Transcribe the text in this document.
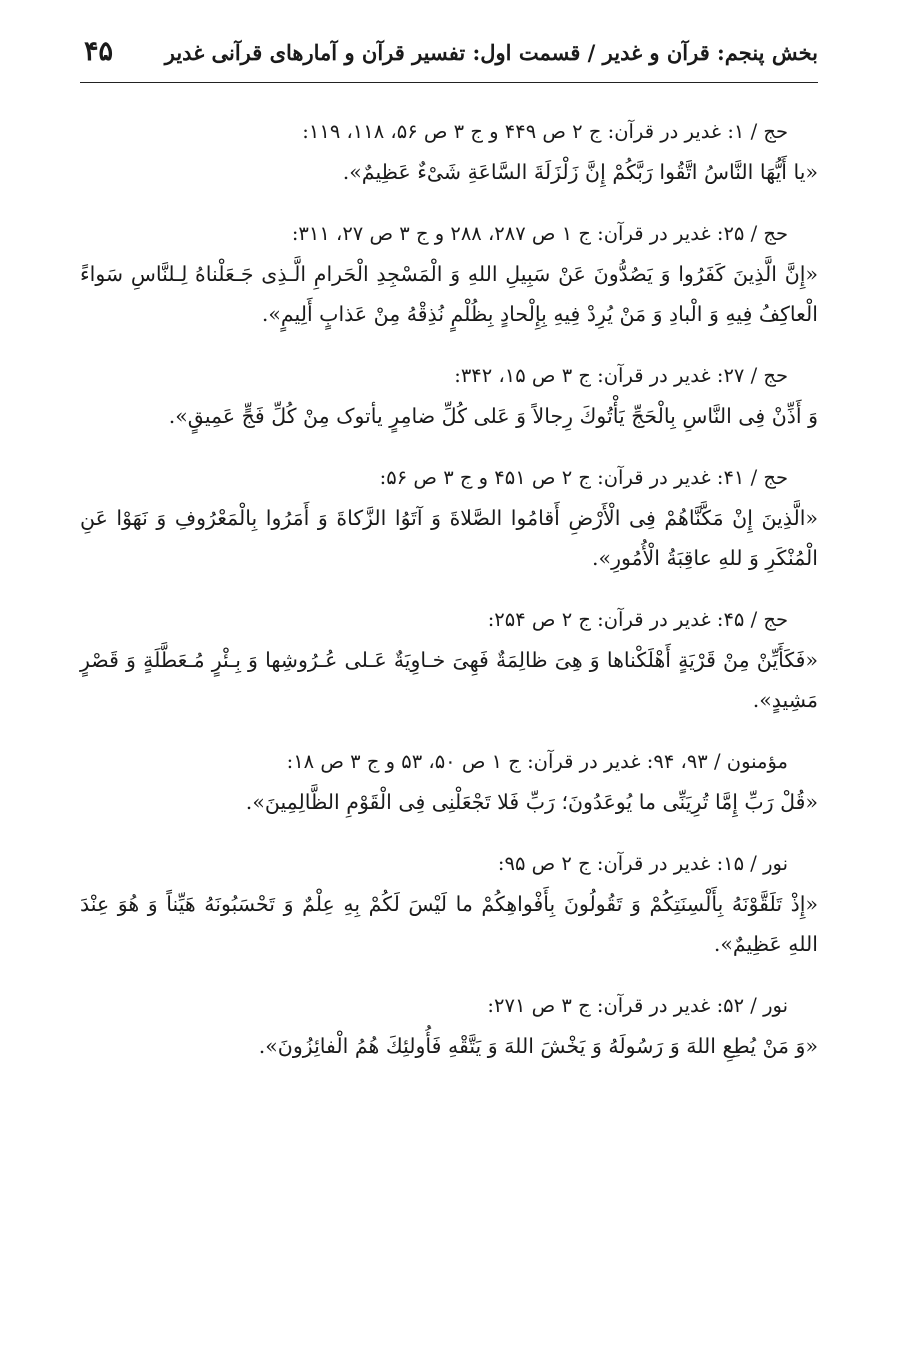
بخش پنجم: قرآن و غدیر / قسمت اول: تفسیر قرآن و آمارهای قرآنی غدیر
۴۵
حج / ۱: غدیر در قرآن: ج ۲ ص ۴۴۹ و ج ۳ ص ۵۶، ۱۱۸، ۱۱۹:
«یا أَیُّهَا النَّاسُ اتَّقُوا رَبَّكُمْ إِنَّ زَلْزَلَةَ السَّاعَةِ شَیْءٌ عَظِیمٌ».
حج / ۲۵: غدیر در قرآن: ج ۱ ص ۲۸۷، ۲۸۸ و ج ۳ ص ۲۷، ۳۱۱:
«إِنَّ الَّذِینَ كَفَرُوا وَ یَصُدُّونَ عَنْ سَبِیلِ اللهِ وَ الْمَسْجِدِ الْحَرامِ الَّـذِی جَـعَلْناهُ لِـلنَّاسِ سَواءً الْعاكِفُ فِیهِ وَ الْبادِ وَ مَنْ یُرِدْ فِیهِ بِإِلْحادٍ بِظُلْمٍ نُذِقْهُ مِنْ عَذابٍ أَلِیمٍ».
حج / ۲۷: غدیر در قرآن: ج ۳ ص ۱۵، ۳۴۲:
وَ أَذِّنْ فِی النَّاسِ بِالْحَجِّ یَأْتُوكَ رِجالاً وَ عَلی كُلِّ ضامِرٍ یأتوک مِنْ كُلِّ فَجٍّ عَمِیقٍ».
حج / ۴۱: غدیر در قرآن: ج ۲ ص ۴۵۱ و ج ۳ ص ۵۶:
«الَّذِینَ إِنْ مَكَّنَّاهُمْ فِی الْأَرْضِ أَقامُوا الصَّلاةَ وَ آتَوُا الزَّكاةَ وَ أَمَرُوا بِالْمَعْرُوفِ وَ نَهَوْا عَنِ الْمُنْكَرِ وَ للهِ عاقِبَةُ الْأُمُورِ».
حج / ۴۵: غدیر در قرآن: ج ۲ ص ۲۵۴:
«فَكَأَیِّنْ مِنْ قَرْیَةٍ أَهْلَكْناها وَ هِیَ ظالِمَةٌ فَهِیَ خـاوِیَةٌ عَـلی عُـرُوشِها وَ بِـئْرٍ مُـعَطَّلَةٍ وَ قَصْرٍ مَشِیدٍ».
مؤمنون / ۹۳، ۹۴: غدیر در قرآن: ج ۱ ص ۵۰، ۵۳ و ج ۳ ص ۱۸:
«قُلْ رَبِّ إِمَّا تُرِیَنِّی ما یُوعَدُونَ؛ رَبِّ فَلا تَجْعَلْنِی فِی الْقَوْمِ الظَّالِمِینَ».
نور / ۱۵: غدیر در قرآن: ج ۲ ص ۹۵:
«إِذْ تَلَقَّوْنَهُ بِأَلْسِنَتِكُمْ وَ تَقُولُونَ بِأَفْواهِكُمْ ما لَیْسَ لَكُمْ بِهِ عِلْمٌ وَ تَحْسَبُونَهُ هَیِّناً وَ هُوَ عِنْدَ اللهِ عَظِیمٌ».
نور / ۵۲: غدیر در قرآن: ج ۳ ص ۲۷۱:
«وَ مَنْ یُطِعِ اللهَ وَ رَسُولَهُ وَ یَخْشَ اللهَ وَ یَتَّقْهِ فَأُولئِكَ هُمُ الْفائِزُونَ».
